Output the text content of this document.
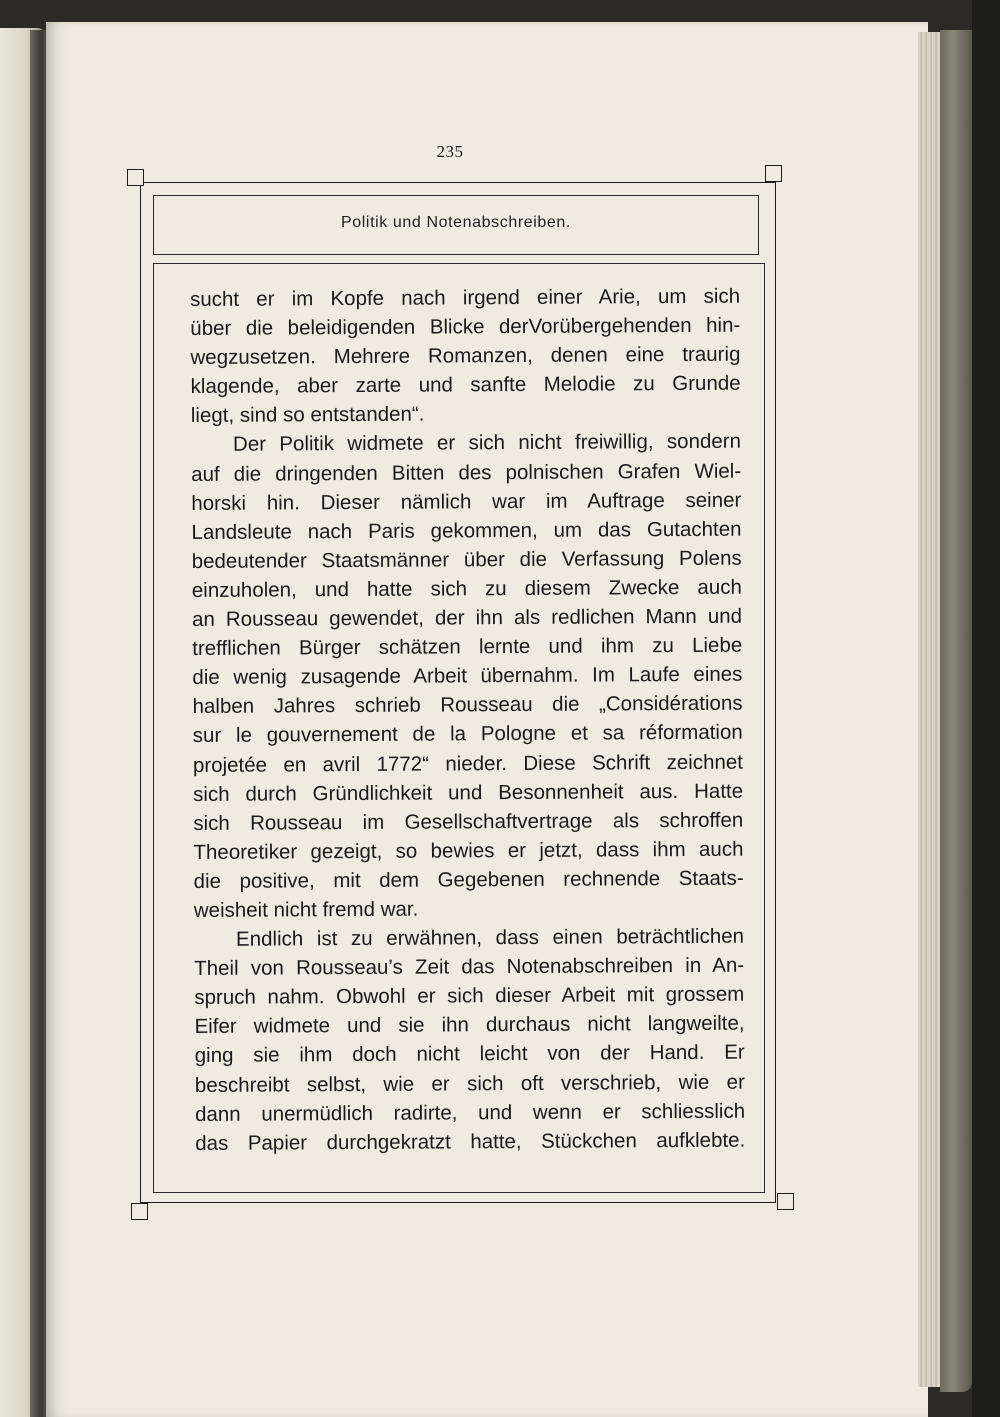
235
Politik und Notenabschreiben.
sucht er im Kopfe nach irgend einer Arie, um sich
über die beleidigenden Blicke derVorübergehenden hin-
wegzusetzen. Mehrere Romanzen, denen eine traurig
klagende, aber zarte und sanfte Melodie zu Grunde
liegt, sind so entstanden“.
Der Politik widmete er sich nicht freiwillig, sondern
auf die dringenden Bitten des polnischen Grafen Wiel-
horski hin. Dieser nämlich war im Auftrage seiner
Landsleute nach Paris gekommen, um das Gutachten
bedeutender Staatsmänner über die Verfassung Polens
einzuholen, und hatte sich zu diesem Zwecke auch
an Rousseau gewendet, der ihn als redlichen Mann und
trefflichen Bürger schätzen lernte und ihm zu Liebe
die wenig zusagende Arbeit übernahm. Im Laufe eines
halben Jahres schrieb Rousseau die „Considérations
sur le gouvernement de la Pologne et sa réformation
projetée en avril 1772“ nieder. Diese Schrift zeichnet
sich durch Gründlichkeit und Besonnenheit aus. Hatte
sich Rousseau im Gesellschaftvertrage als schroffen
Theoretiker gezeigt, so bewies er jetzt, dass ihm auch
die positive, mit dem Gegebenen rechnende Staats-
weisheit nicht fremd war.
Endlich ist zu erwähnen, dass einen beträchtlichen
Theil von Rousseau’s Zeit das Notenabschreiben in An-
spruch nahm. Obwohl er sich dieser Arbeit mit grossem
Eifer widmete und sie ihn durchaus nicht langweilte,
ging sie ihm doch nicht leicht von der Hand. Er
beschreibt selbst, wie er sich oft verschrieb, wie er
dann unermüdlich radirte, und wenn er schliesslich
das Papier durchgekratzt hatte, Stückchen aufklebte.
